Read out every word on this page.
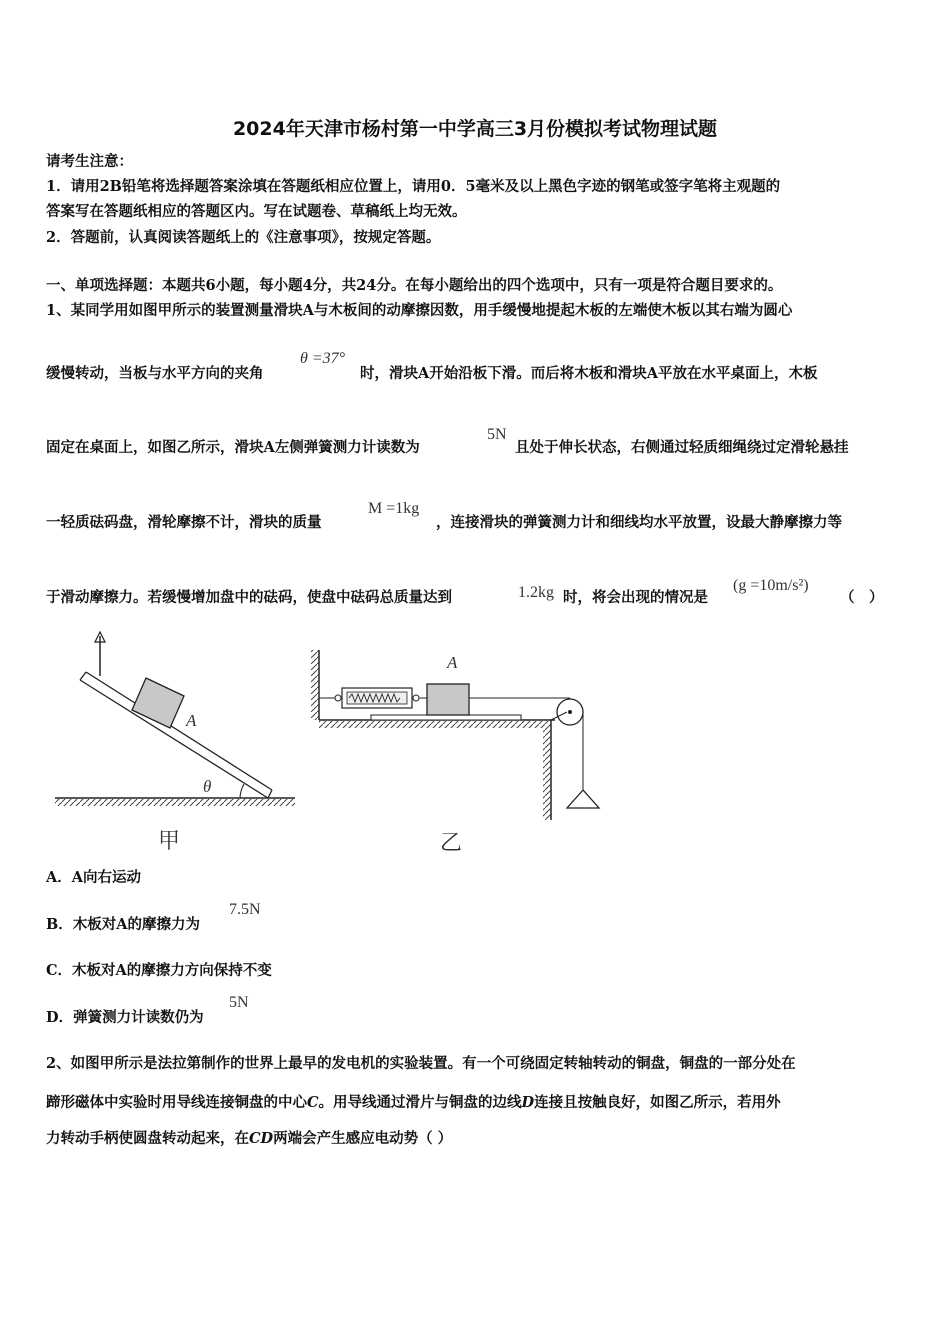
2024年天津市杨村第一中学高三3月份模拟考试物理试题
请考生注意：
1．请用2B铅笔将选择题答案涂填在答题纸相应位置上，请用0．5毫米及以上黑色字迹的钢笔或签字笔将主观题的
答案写在答题纸相应的答题区内。写在试题卷、草稿纸上均无效。
2．答题前，认真阅读答题纸上的《注意事项》，按规定答题。
一、单项选择题：本题共6小题，每小题4分，共24分。在每小题给出的四个选项中，只有一项是符合题目要求的。
1、某同学用如图甲所示的装置测量滑块A与木板间的动摩擦因数，用手缓慢地提起木板的左端使木板以其右端为圆心
缓慢转动，当板与水平方向的夹角
θ =37°
时，滑块A开始沿板下滑。而后将木板和滑块A平放在水平桌面上，木板
固定在桌面上，如图乙所示，滑块A左侧弹簧测力计读数为
5N
且处于伸长状态，右侧通过轻质细绳绕过定滑轮悬挂
一轻质砝码盘，滑轮摩擦不计，滑块的质量
M =1kg
，连接滑块的弹簧测力计和细线均水平放置，设最大静摩擦力等
于滑动摩擦力。若缓慢增加盘中的砝码，使盘中砝码总质量达到	1.2kg 时，将会出现的情况是
(g =10m/s²)
（　）
A
θ
甲
A
乙
A．A向右运动
B．木板对A的摩擦力为
7.5N
C．木板对A的摩擦力方向保持不变
D．弹簧测力计读数仍为
5N
2、如图甲所示是法拉第制作的世界上最早的发电机的实验装置。有一个可绕固定转轴转动的铜盘，铜盘的一部分处在
蹄形磁体中实验时用导线连接铜盘的中心C。用导线通过滑片与铜盘的边线D连接且按触良好，如图乙所示，若用外
力转动手柄使圆盘转动起来，在CD两端会产生感应电动势（ ）
